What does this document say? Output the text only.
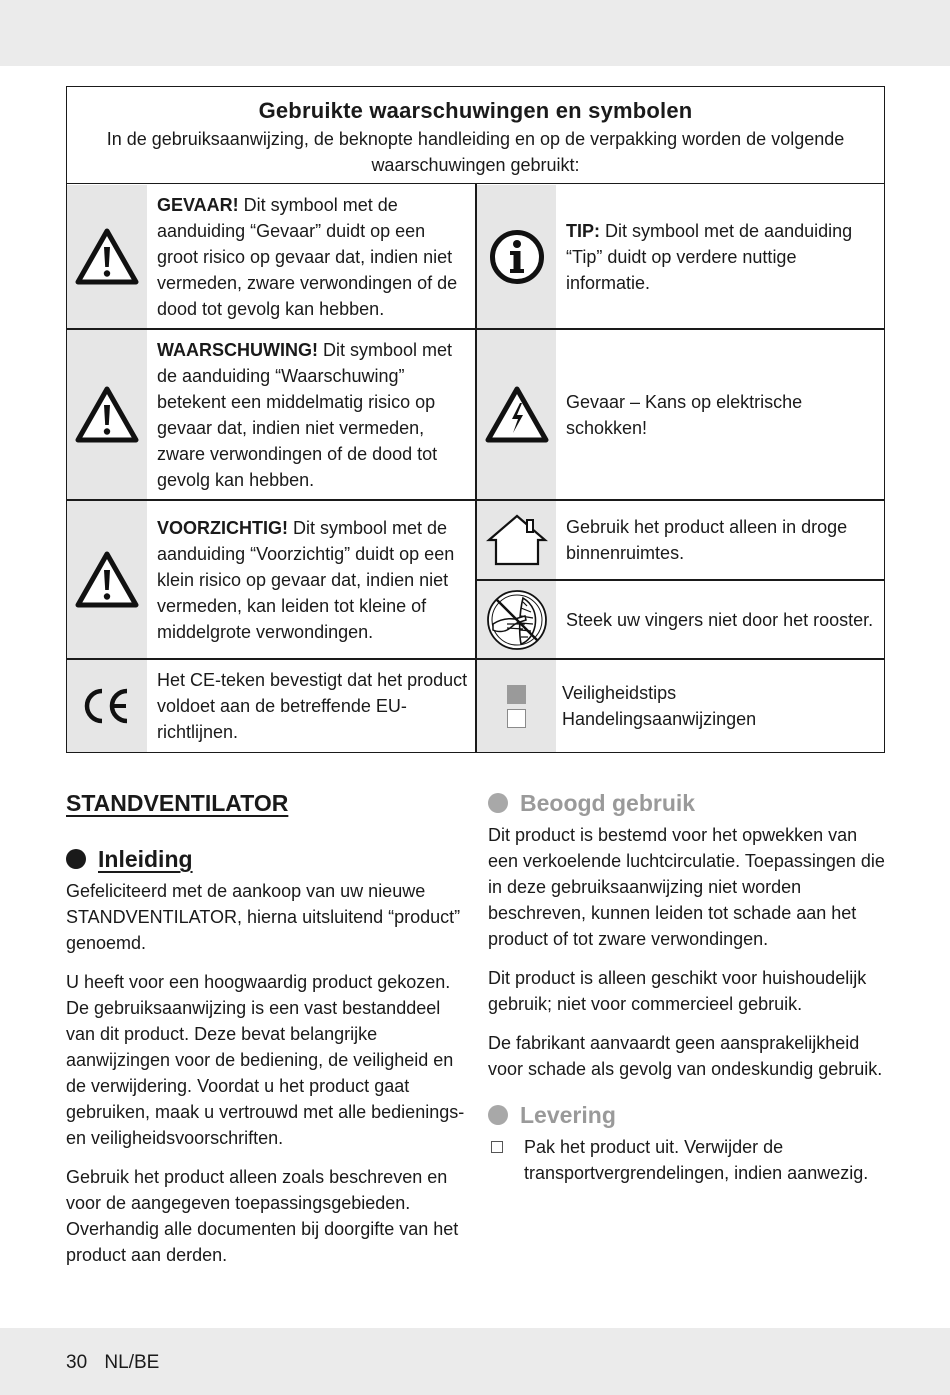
Gebruikte waarschuwingen en symbolen

In de gebruiksaanwijzing, de beknopte handleiding en op de verpakking worden de volgende waarschuwingen gebruikt:

GEVAAR! Dit symbool met de aanduiding “Gevaar” duidt op een groot risico op gevaar dat, indien niet vermeden, zware verwondingen of de dood tot gevolg kan hebben.
TIP: Dit symbool met de aanduiding “Tip” duidt op verdere nuttige informatie.
WAARSCHUWING! Dit symbool met de aanduiding “Waarschuwing” betekent een middelmatig risico op gevaar dat, indien niet vermeden, zware verwondingen of de dood tot gevolg kan hebben.
Gevaar – Kans op elektrische schokken!
VOORZICHTIG! Dit symbool met de aanduiding “Voorzichtig” duidt op een klein risico op gevaar dat, indien niet vermeden, kan leiden tot kleine of middelgrote verwondingen.
Gebruik het product alleen in droge binnenruimtes.
Steek uw vingers niet door het rooster.
Het CE-teken bevestigt dat het product voldoet aan de betreffende EU-richtlijnen.
Veiligheidstips
Handelingsaanwijzingen
STANDVENTILATOR
Inleiding

Gefeliciteerd met de aankoop van uw nieuwe STANDVENTILATOR, hierna uitsluitend “product” genoemd.

U heeft voor een hoogwaardig product gekozen. De gebruiksaanwijzing is een vast bestanddeel van dit product. Deze bevat belangrijke aanwijzingen voor de bediening, de veiligheid en de verwijdering. Voordat u het product gaat gebruiken, maak u vertrouwd met alle bedienings- en veiligheidsvoorschriften.

Gebruik het product alleen zoals beschreven en voor de aangegeven toepassingsgebieden. Overhandig alle documenten bij doorgifte van het product aan derden.

Beoogd gebruik

Dit product is bestemd voor het opwekken van een verkoelende luchtcirculatie. Toepassingen die in deze gebruiksaanwijzing niet worden beschreven, kunnen leiden tot schade aan het product of tot zware verwondingen.

Dit product is alleen geschikt voor huishoudelijk gebruik; niet voor commercieel gebruik.

De fabrikant aanvaardt geen aansprakelijkheid voor schade als gevolg van ondeskundig gebruik.

Levering
Pak het product uit. Verwijder de transportvergrendelingen, indien aanwezig.
30 NL/BE
